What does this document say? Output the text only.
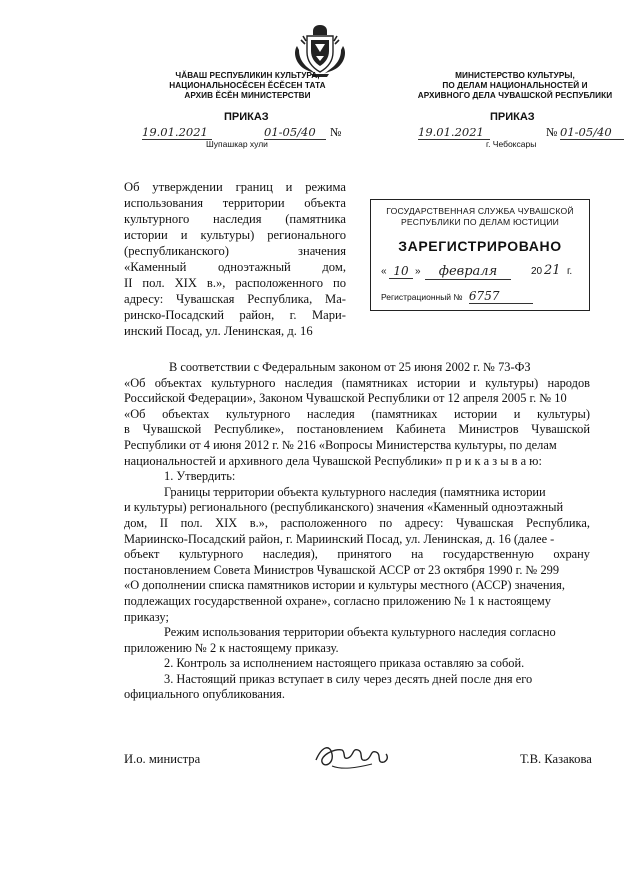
ЧӐВАШ РЕСПУБЛИКИН КУЛЬТУРА,
НАЦИОНАЛЬНОСĔСЕН ĔСĔСЕН ТАТА
АРХИВ ĔСĔН МИНИСТЕРСТВИ
ПРИКАЗ
19.01.2021	01-05/40	№
Шупашкар хули
МИНИСТЕРСТВО КУЛЬТУРЫ,
ПО ДЕЛАМ НАЦИОНАЛЬНОСТЕЙ И
АРХИВНОГО ДЕЛА ЧУВАШСКОЙ РЕСПУБЛИКИ
ПРИКАЗ
19.01.2021	№ 01-05/40
г. Чебоксары
Об утверждении границ и режима
использования территории объекта
культурного наследия (памятника
истории и культуры) регионального
(республиканского) значения
«Каменный одноэтажный дом,
II пол. XIX в.», расположенного по
адресу: Чувашская Республика, Ма-
ринско-Посадский район, г. Мари-
инский Посад, ул. Ленинская, д. 16
ГОСУДАРСТВЕННАЯ СЛУЖБА ЧУВАШСКОЙ
РЕСПУБЛИКИ ПО ДЕЛАМ ЮСТИЦИИ
ЗАРЕГИСТРИРОВАНО
« 10 »	февраля	20 21 г.
Регистрационный № 6757
В соответствии с Федеральным законом от 25 июня 2002 г. № 73-ФЗ
«Об объектах культурного наследия (памятниках истории и культуры) народов
Российской Федерации», Законом Чувашской Республики от 12 апреля 2005 г. № 10
«Об объектах культурного наследия (памятниках истории и культуры)
в Чувашской Республике», постановлением Кабинета Министров Чувашской
Республики от 4 июня 2012 г. № 216 «Вопросы Министерства культуры, по делам
национальностей и архивного дела Чувашской Республики» п р и к а з ы в а ю:
1. Утвердить:
Границы территории объекта культурного наследия (памятника истории
и культуры) регионального (республиканского) значения «Каменный одноэтажный
дом, II пол. XIX в.», расположенного по адресу: Чувашская Республика,
Мариинско-Посадский район, г. Мариинский Посад, ул. Ленинская, д. 16 (далее -
объект культурного наследия), принятого на государственную охрану
постановлением Совета Министров Чувашской АССР от 23 октября 1990 г. № 299
«О дополнении списка памятников истории и культуры местного (АССР) значения,
подлежащих государственной охране», согласно приложению № 1 к настоящему
приказу;
Режим использования территории объекта культурного наследия согласно
приложению № 2 к настоящему приказу.
2. Контроль за исполнением настоящего приказа оставляю за собой.
3. Настоящий приказ вступает в силу через десять дней после дня его
официального опубликования.
И.о. министра	Т.В. Казакова
